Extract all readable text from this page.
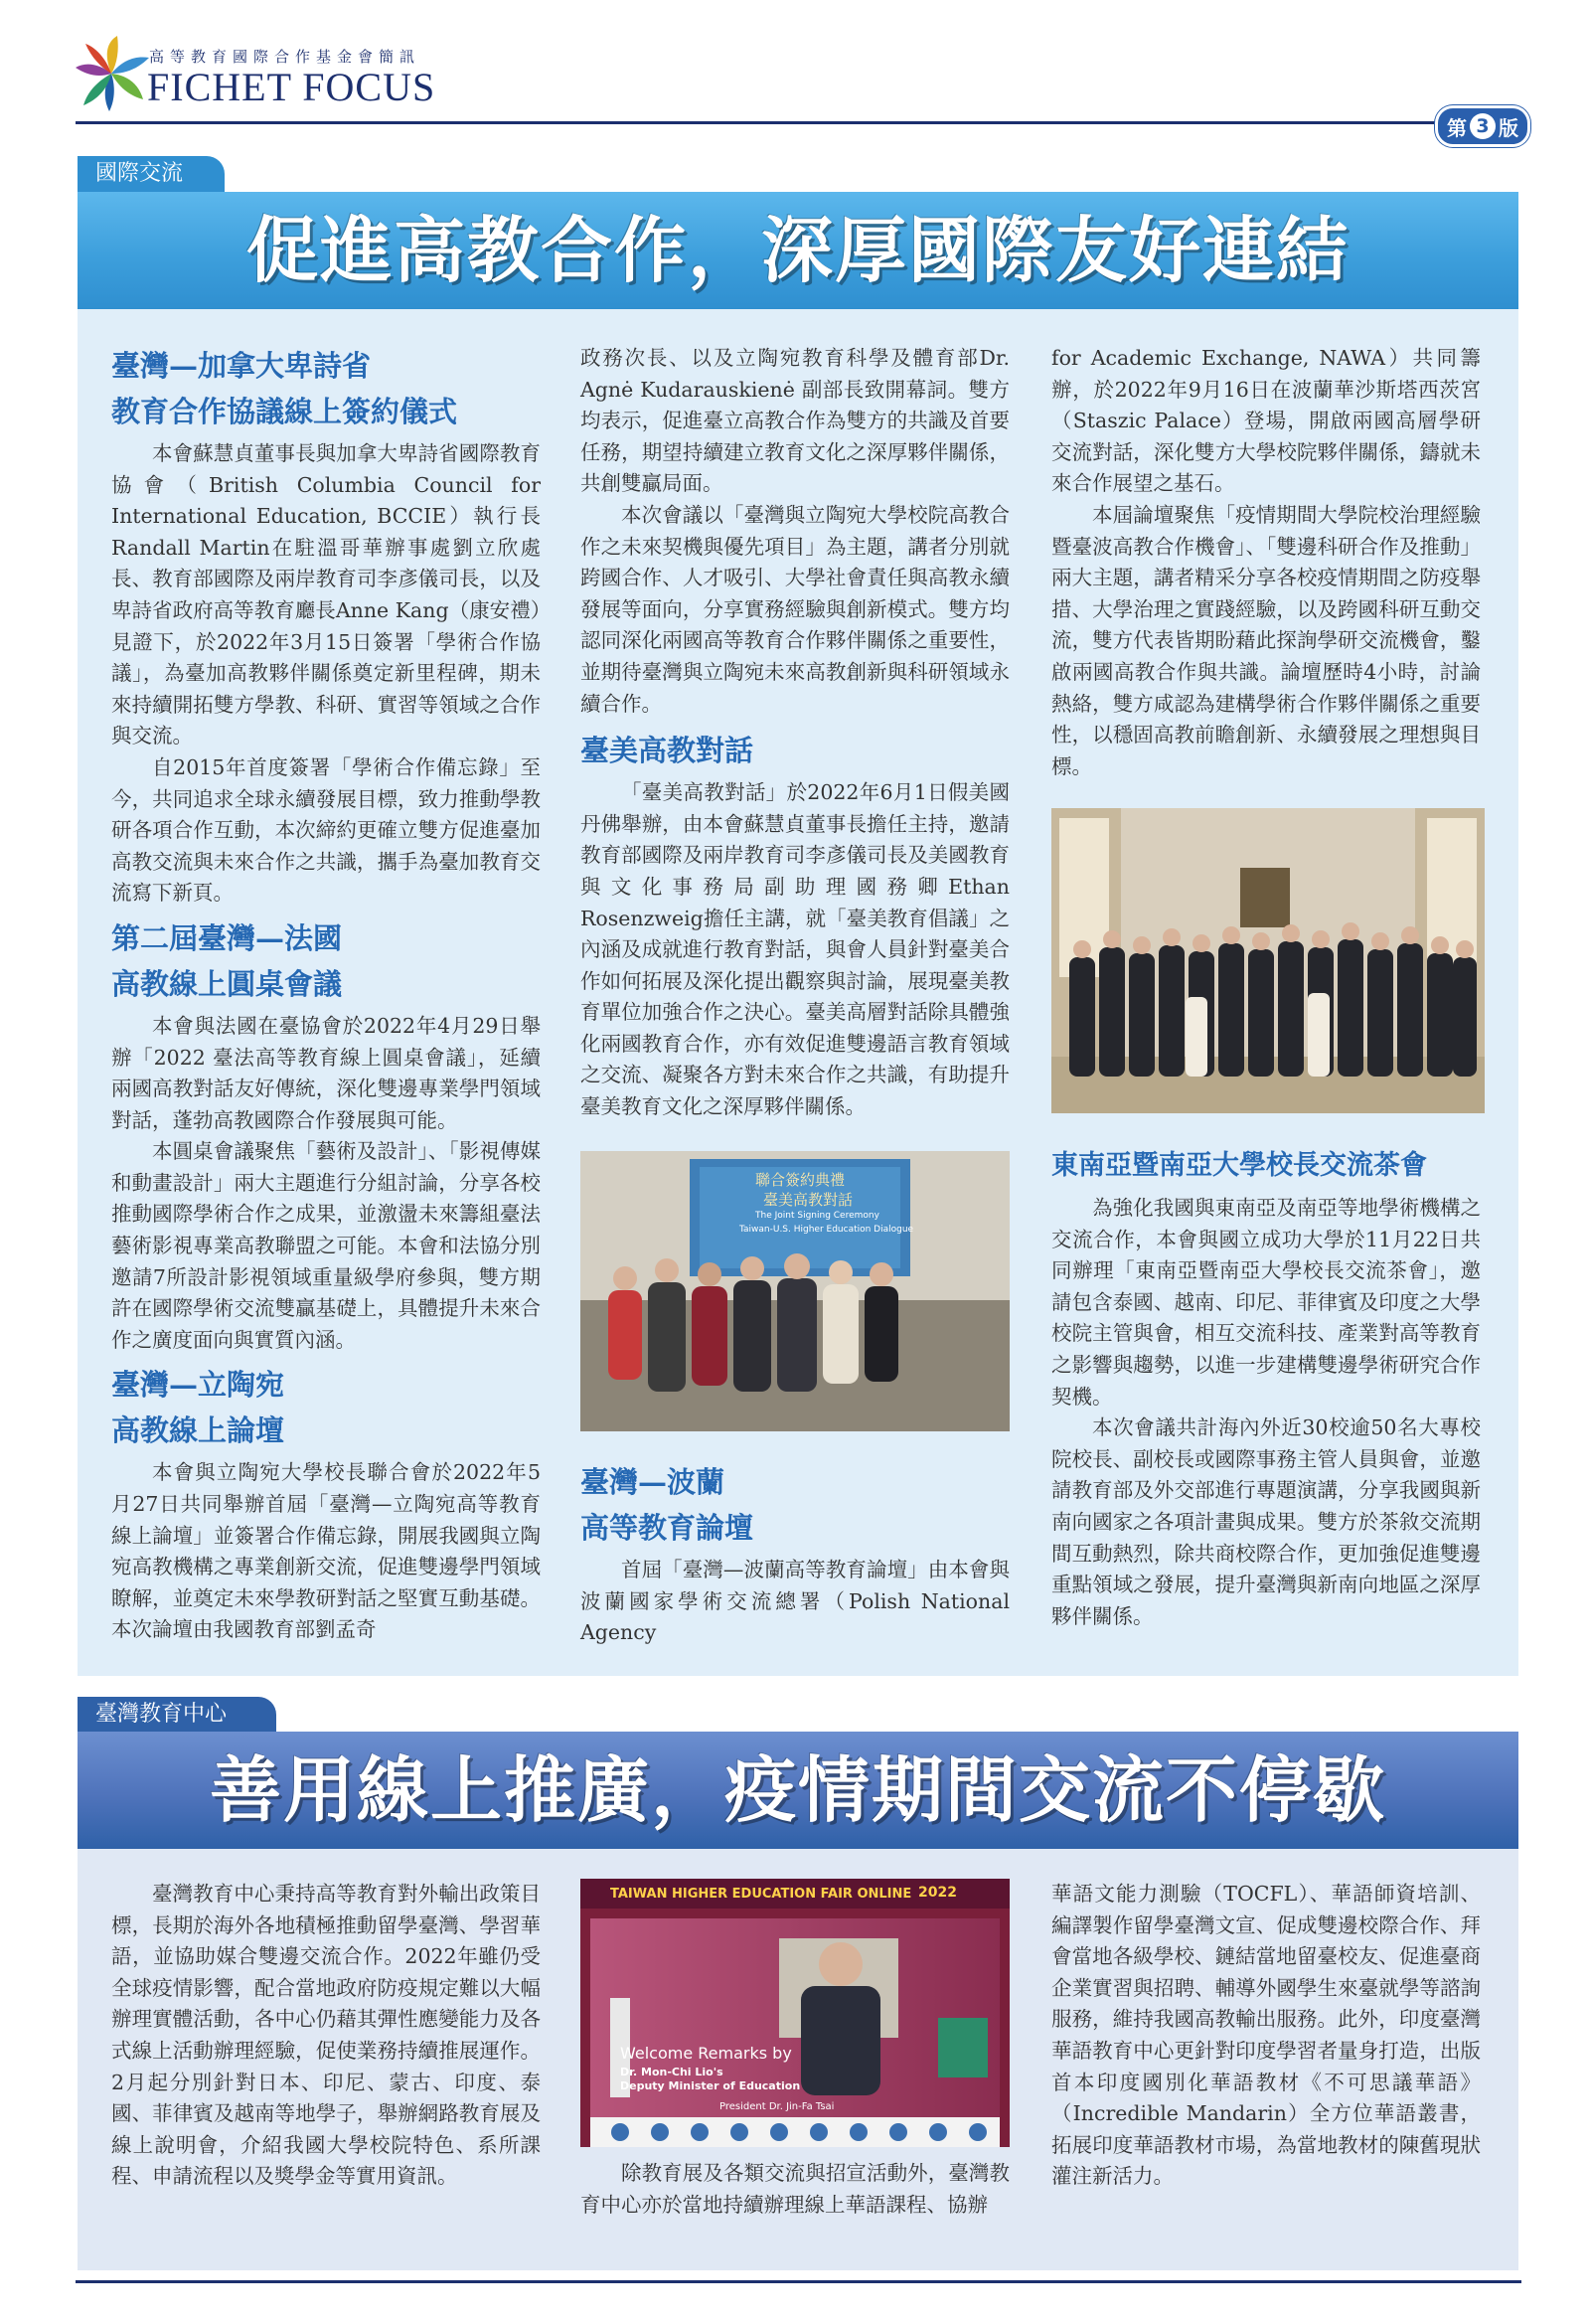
高等教育國際合作基金會簡訊
FICHET FOCUS
第 3 版
國際交流
促進高教合作，深厚國際友好連結
臺灣—加拿大卑詩省
教育合作協議線上簽約儀式

本會蘇慧貞董事長與加拿大卑詩省國際教育協會（British Columbia Council for International Education, BCCIE）執行長Randall Martin在駐溫哥華辦事處劉立欣處長、教育部國際及兩岸教育司李彥儀司長，以及卑詩省政府高等教育廳長Anne Kang（康安禮）見證下，於2022年3月15日簽署「學術合作協議」，為臺加高教夥伴關係奠定新里程碑，期未來持續開拓雙方學教、科研、實習等領域之合作與交流。

自2015年首度簽署「學術合作備忘錄」至今，共同追求全球永續發展目標，致力推動學教研各項合作互動，本次締約更確立雙方促進臺加高教交流與未來合作之共識，攜手為臺加教育交流寫下新頁。

第二屆臺灣—法國
高教線上圓桌會議

本會與法國在臺協會於2022年4月29日舉辦「2022 臺法高等教育線上圓桌會議」，延續兩國高教對話友好傳統，深化雙邊專業學門領域對話，蓬勃高教國際合作發展與可能。

本圓桌會議聚焦「藝術及設計」、「影視傳媒和動畫設計」兩大主題進行分組討論，分享各校推動國際學術合作之成果，並激盪未來籌組臺法藝術影視專業高教聯盟之可能。本會和法協分別邀請7所設計影視領域重量級學府參與，雙方期許在國際學術交流雙贏基礎上，具體提升未來合作之廣度面向與實質內涵。

臺灣—立陶宛
高教線上論壇

本會與立陶宛大學校長聯合會於2022年5月27日共同舉辦首屆「臺灣—立陶宛高等教育線上論壇」並簽署合作備忘錄，開展我國與立陶宛高教機構之專業創新交流，促進雙邊學門領域瞭解，並奠定未來學教研對話之堅實互動基礎。本次論壇由我國教育部劉孟奇

政務次長、以及立陶宛教育科學及體育部Dr. Agnė Kudarauskienė 副部長致開幕詞。雙方均表示，促進臺立高教合作為雙方的共識及首要任務，期望持續建立教育文化之深厚夥伴關係，共創雙贏局面。

本次會議以「臺灣與立陶宛大學校院高教合作之未來契機與優先項目」為主題，講者分別就跨國合作、人才吸引、大學社會責任與高教永續發展等面向，分享實務經驗與創新模式。雙方均認同深化兩國高等教育合作夥伴關係之重要性，並期待臺灣與立陶宛未來高教創新與科研領域永續合作。

臺美高教對話

「臺美高教對話」於2022年6月1日假美國丹佛舉辦，由本會蘇慧貞董事長擔任主持，邀請教育部國際及兩岸教育司李彥儀司長及美國教育與文化事務局副助理國務卿Ethan Rosenzweig擔任主講，就「臺美教育倡議」之內涵及成就進行教育對話，與會人員針對臺美合作如何拓展及深化提出觀察與討論，展現臺美教育單位加強合作之決心。臺美高層對話除具體強化兩國教育合作，亦有效促進雙邊語言教育領域之交流、凝聚各方對未來合作之共識，有助提升臺美教育文化之深厚夥伴關係。

聯合簽約典禮
臺美高教對話
The Joint Signing Ceremony
Taiwan-U.S. Higher Education Dialogue
臺灣—波蘭
高等教育論壇

首屆「臺灣—波蘭高等教育論壇」由本會與波蘭國家學術交流總署（Polish National Agency

for Academic Exchange, NAWA）共同籌辦，於2022年9月16日在波蘭華沙斯塔西茨宮（Staszic Palace）登場，開啟兩國高層學研交流對話，深化雙方大學校院夥伴關係，鑄就未來合作展望之基石。

本屆論壇聚焦「疫情期間大學院校治理經驗暨臺波高教合作機會」、「雙邊科研合作及推動」兩大主題，講者精采分享各校疫情期間之防疫舉措、大學治理之實踐經驗，以及跨國科研互動交流，雙方代表皆期盼藉此探詢學研交流機會，鑿啟兩國高教合作與共識。論壇歷時4小時，討論熱絡，雙方咸認為建構學術合作夥伴關係之重要性，以穩固高教前瞻創新、永續發展之理想與目標。

東南亞暨南亞大學校長交流茶會

為強化我國與東南亞及南亞等地學術機構之交流合作，本會與國立成功大學於11月22日共同辦理「東南亞暨南亞大學校長交流茶會」，邀請包含泰國、越南、印尼、菲律賓及印度之大學校院主管與會，相互交流科技、產業對高等教育之影響與趨勢，以進一步建構雙邊學術研究合作契機。

本次會議共計海內外近30校逾50名大專校院校長、副校長或國際事務主管人員與會，並邀請教育部及外交部進行專題演講，分享我國與新南向國家之各項計畫與成果。雙方於茶敘交流期間互動熱烈，除共商校際合作，更加強促進雙邊重點領域之發展，提升臺灣與新南向地區之深厚夥伴關係。

臺灣教育中心
善用線上推廣，疫情期間交流不停歇

臺灣教育中心秉持高等教育對外輸出政策目標，長期於海外各地積極推動留學臺灣、學習華語，並協助媒合雙邊交流合作。2022年雖仍受全球疫情影響，配合當地政府防疫規定難以大幅辦理實體活動，各中心仍藉其彈性應變能力及各式線上活動辦理經驗，促使業務持續推展運作。2月起分別針對日本、印尼、蒙古、印度、泰國、菲律賓及越南等地學子，舉辦網路教育展及線上說明會，介紹我國大學校院特色、系所課程、申請流程以及獎學金等實用資訊。

TAIWAN HIGHER EDUCATION FAIR ONLINE 2022
Welcome Remarks by
Dr. Mon-Chi Lio's
Deputy Minister of Education
President Dr. Jin-Fa Tsai

除教育展及各類交流與招宣活動外，臺灣教育中心亦於當地持續辦理線上華語課程、協辦

華語文能力測驗（TOCFL）、華語師資培訓、編譯製作留學臺灣文宣、促成雙邊校際合作、拜會當地各級學校、鏈結當地留臺校友、促進臺商企業實習與招聘、輔導外國學生來臺就學等諮詢服務，維持我國高教輸出服務。此外，印度臺灣華語教育中心更針對印度學習者量身打造，出版首本印度國別化華語教材《不可思議華語》（Incredible Mandarin）全方位華語叢書，拓展印度華語教材市場，為當地教材的陳舊現狀灌注新活力。
